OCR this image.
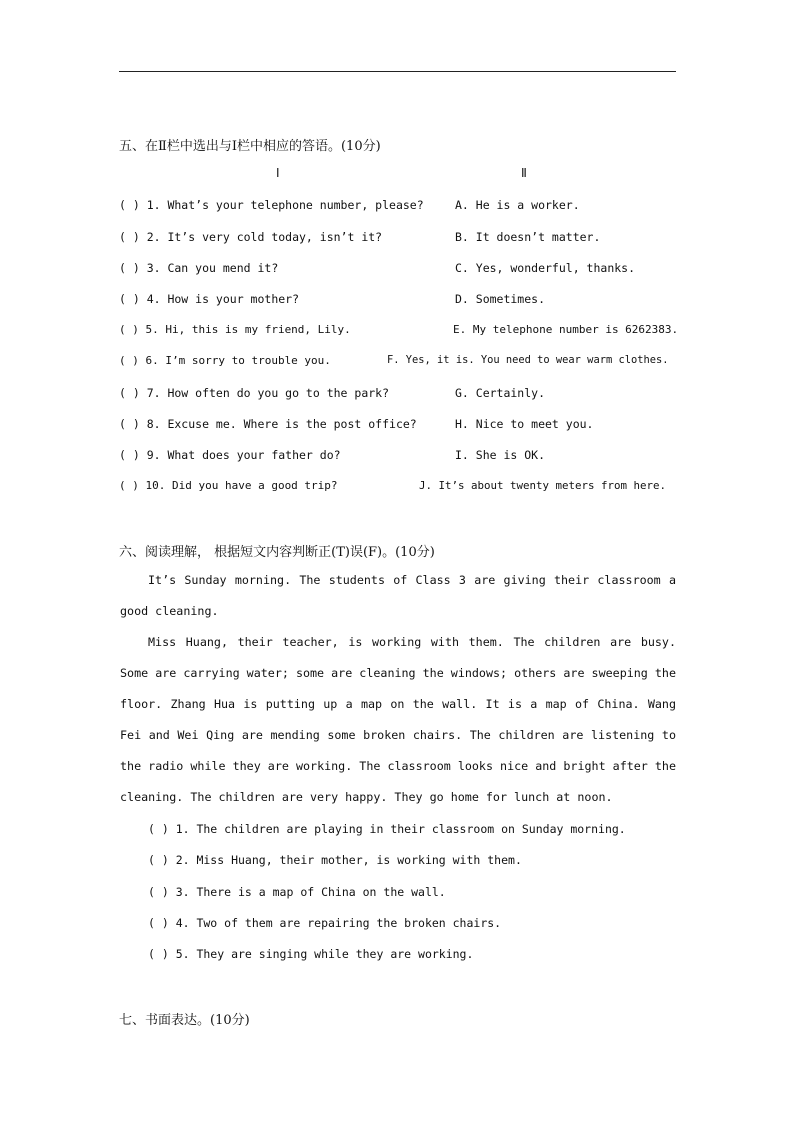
五、在Ⅱ栏中选出与Ⅰ栏中相应的答语。(10分)
Ⅰ	Ⅱ
( ) 1. What’s your telephone number, please?	A. He is a worker.
( ) 2. It’s very cold today, isn’t it?	B. It doesn’t matter.
( ) 3. Can you mend it?	C. Yes, wonderful, thanks.
( ) 4. How is your mother?	D. Sometimes.
( ) 5. Hi, this is my friend, Lily.	E. My telephone number is 6262383.
( ) 6. I’m sorry to trouble you.	F. Yes, it is. You need to wear warm clothes.
( ) 7. How often do you go to the park?	G. Certainly.
( ) 8. Excuse me. Where is the post office?	H. Nice to meet you.
( ) 9. What does your father do?	I. She is OK.
( ) 10. Did you have a good trip?	J. It’s about twenty meters from here.
六、阅读理解， 根据短文内容判断正(T)误(F)。(10分)
It’s Sunday morning. The students of Class 3 are giving their classroom a good cleaning.
Miss Huang, their teacher, is working with them. The children are busy. Some are carrying water; some are cleaning the windows; others are sweeping the floor. Zhang Hua is putting up a map on the wall. It is a map of China. Wang Fei and Wei Qing are mending some broken chairs. The children are listening to the radio while they are working. The classroom looks nice and bright after the cleaning. The children are very happy. They go home for lunch at noon.
( ) 1. The children are playing in their classroom on Sunday morning.
( ) 2. Miss Huang, their mother, is working with them.
( ) 3. There is a map of China on the wall.
( ) 4. Two of them are repairing the broken chairs.
( ) 5. They are singing while they are working.
七、书面表达。(10分)
